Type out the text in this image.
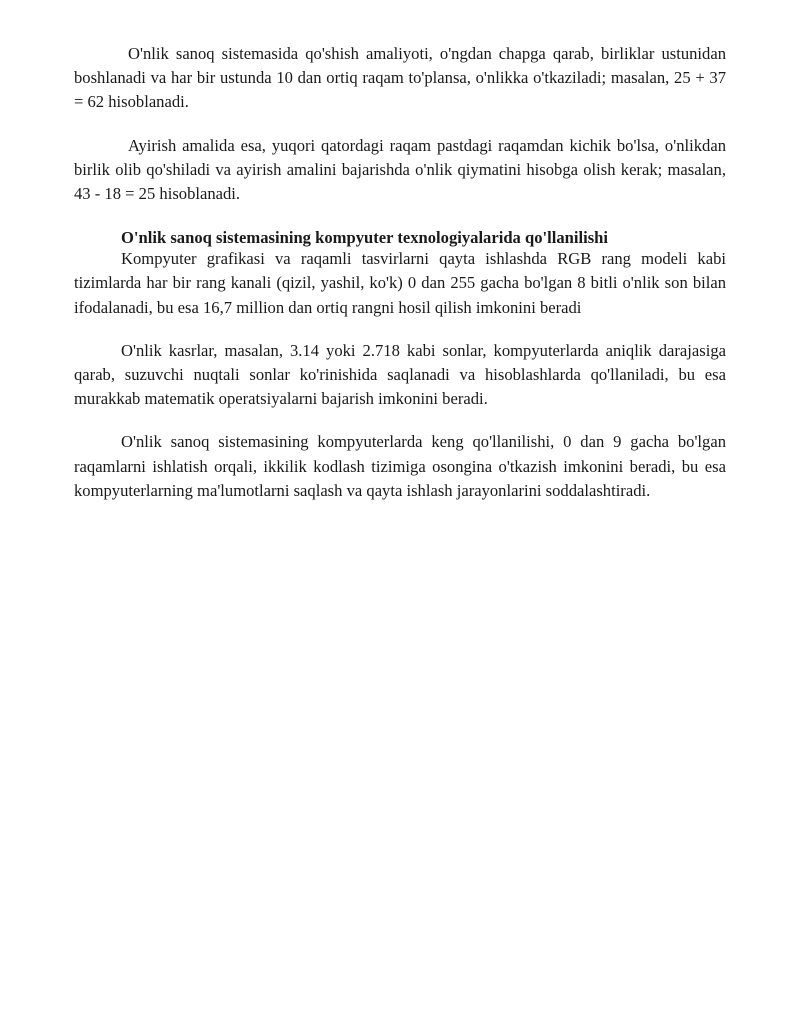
O'nlik sanoq sistemasida qo'shish amaliyoti, o'ngdan chapga qarab, birliklar ustunidan boshlanadi va har bir ustunda 10 dan ortiq raqam to'plansa, o'nlikka o'tkaziladi; masalan, 25 + 37 = 62 hisoblanadi.

Ayirish amalida esa, yuqori qatordagi raqam pastdagi raqamdan kichik bo'lsa, o'nlikdan birlik olib qo'shiladi va ayirish amalini bajarishda o'nlik qiymatini hisobga olish kerak; masalan, 43 - 18 = 25 hisoblanadi.

O'nlik sanoq sistemasining kompyuter texnologiyalarida qo'llanilishi

Kompyuter grafikasi va raqamli tasvirlarni qayta ishlashda RGB rang modeli kabi tizimlarda har bir rang kanali (qizil, yashil, ko'k) 0 dan 255 gacha bo'lgan 8 bitli o'nlik son bilan ifodalanadi, bu esa 16,7 million dan ortiq rangni hosil qilish imkonini beradi

O'nlik kasrlar, masalan, 3.14 yoki 2.718 kabi sonlar, kompyuterlarda aniqlik darajasiga qarab, suzuvchi nuqtali sonlar ko'rinishida saqlanadi va hisoblashlarda qo'llaniladi, bu esa murakkab matematik operatsiyalarni bajarish imkonini beradi.

O'nlik sanoq sistemasining kompyuterlarda keng qo'llanilishi, 0 dan 9 gacha bo'lgan raqamlarni ishlatish orqali, ikkilik kodlash tizimiga osongina o'tkazish imkonini beradi, bu esa kompyuterlarning ma'lumotlarni saqlash va qayta ishlash jarayonlarini soddalashtiradi.
